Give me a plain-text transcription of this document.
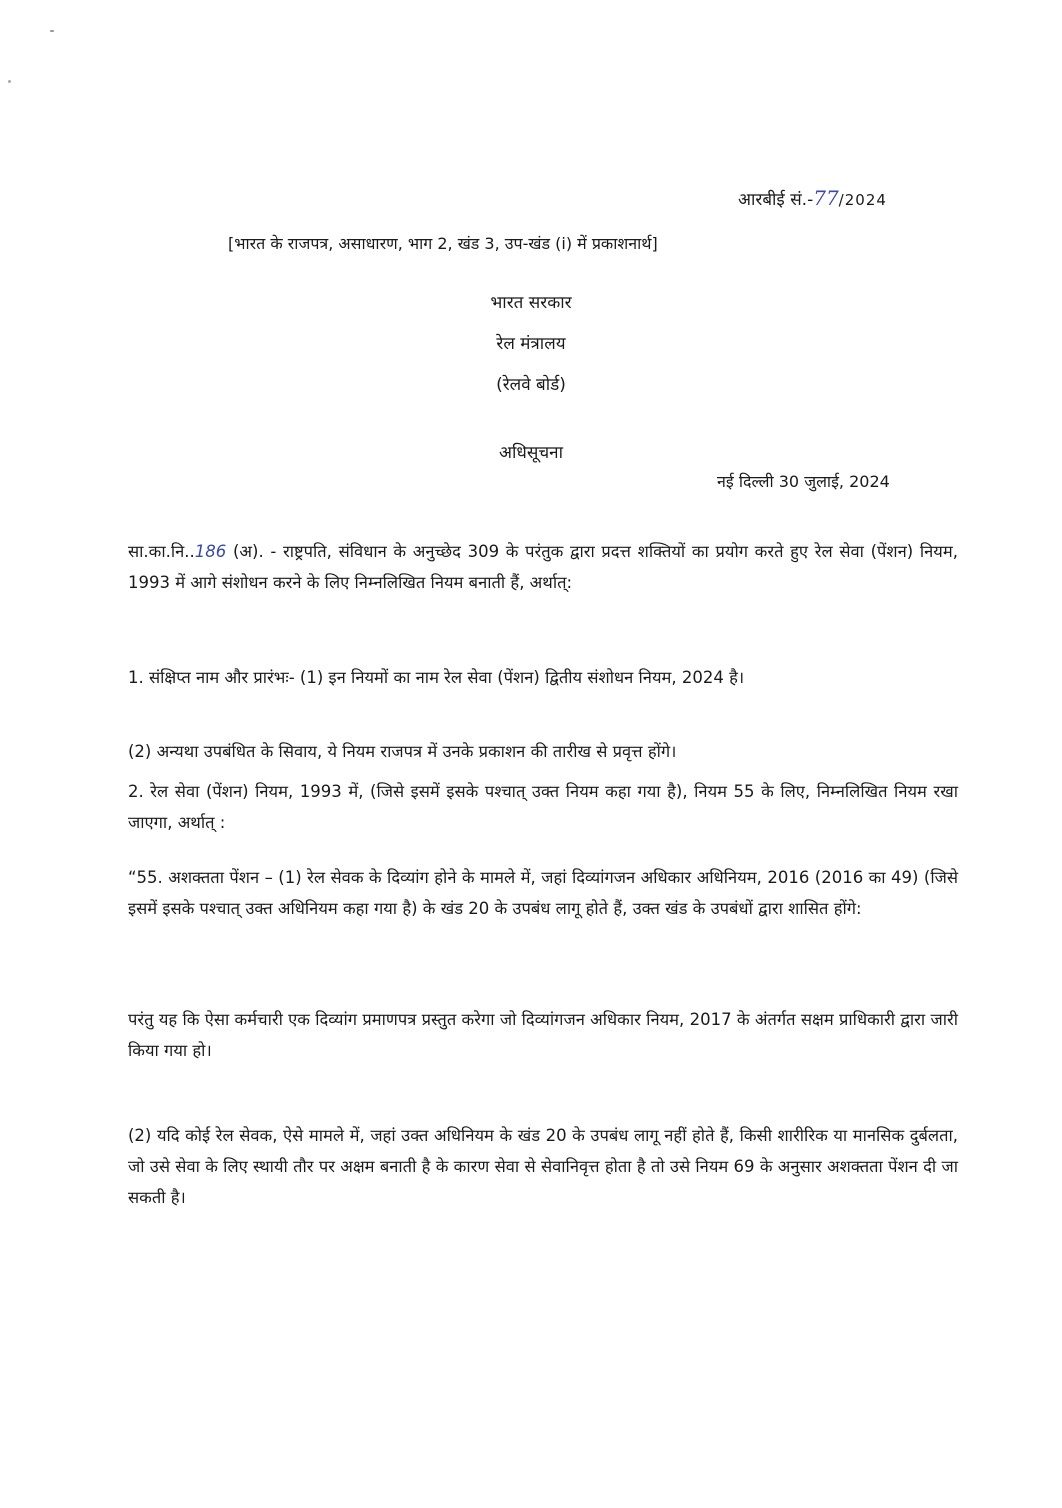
आरबीई सं.-77/2024
[भारत के राजपत्र, असाधारण, भाग 2, खंड 3, उप-खंड (i) में प्रकाशनार्थ]
भारत सरकार
रेल मंत्रालय
(रेलवे बोर्ड)
अधिसूचना
नई दिल्ली 30 जुलाई, 2024
सा.का.नि..186 (अ). - राष्ट्रपति, संविधान के अनुच्छेद 309 के परंतुक द्वारा प्रदत्त शक्तियों का प्रयोग करते हुए रेल सेवा (पेंशन) नियम, 1993 में आगे संशोधन करने के लिए निम्नलिखित नियम बनाती हैं, अर्थात्:
1. संक्षिप्त नाम और प्रारंभः- (1) इन नियमों का नाम रेल सेवा (पेंशन) द्वितीय संशोधन नियम, 2024 है।
(2) अन्यथा उपबंधित के सिवाय, ये नियम राजपत्र में उनके प्रकाशन की तारीख से प्रवृत्त होंगे।
2. रेल सेवा (पेंशन) नियम, 1993 में, (जिसे इसमें इसके पश्चात् उक्त नियम कहा गया है), नियम 55 के लिए, निम्नलिखित नियम रखा जाएगा, अर्थात् :
“55. अशक्तता पेंशन – (1) रेल सेवक के दिव्यांग होने के मामले में, जहां दिव्यांगजन अधिकार अधिनियम, 2016 (2016 का 49) (जिसे इसमें इसके पश्चात् उक्त अधिनियम कहा गया है) के खंड 20 के उपबंध लागू होते हैं, उक्त खंड के उपबंधों द्वारा शासित होंगे:
परंतु यह कि ऐसा कर्मचारी एक दिव्यांग प्रमाणपत्र प्रस्तुत करेगा जो दिव्यांगजन अधिकार नियम, 2017 के अंतर्गत सक्षम प्राधिकारी द्वारा जारी किया गया हो।
(2) यदि कोई रेल सेवक, ऐसे मामले में, जहां उक्त अधिनियम के खंड 20 के उपबंध लागू नहीं होते हैं, किसी शारीरिक या मानसिक दुर्बलता, जो उसे सेवा के लिए स्थायी तौर पर अक्षम बनाती है के कारण सेवा से सेवानिवृत्त होता है तो उसे नियम 69 के अनुसार अशक्तता पेंशन दी जा सकती है।
